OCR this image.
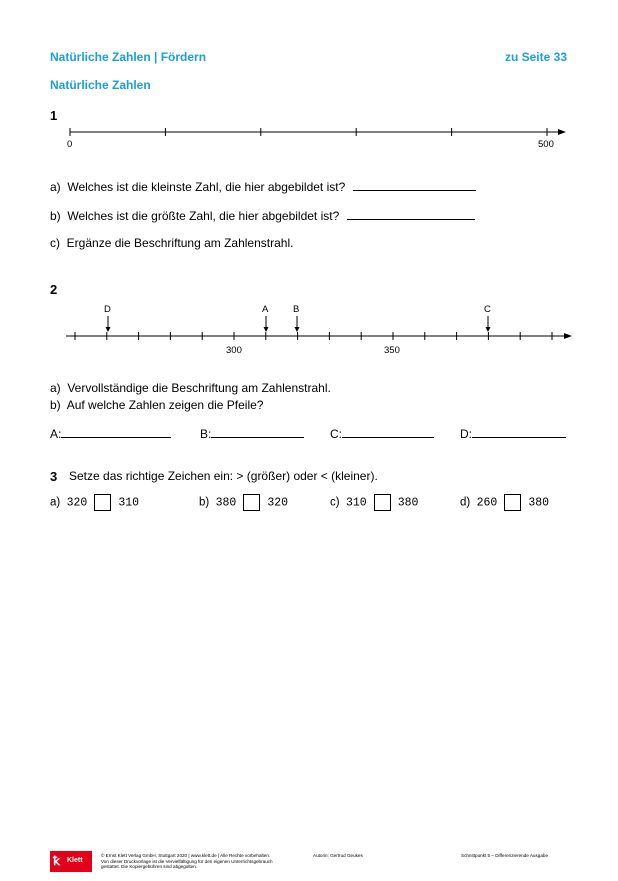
Natürliche Zahlen | Fördern	zu Seite 33
Natürliche Zahlen
1
0	500
a) Welches ist die kleinste Zahl, die hier abgebildet ist?
b) Welches ist die größte Zahl, die hier abgebildet ist?
c) Ergänze die Beschriftung am Zahlenstrahl.
2
D	A	B	C
300	350
a) Vervollständige die Beschriftung am Zahlenstrahl.
b) Auf welche Zahlen zeigen die Pfeile?
A:	B:	C:	D:
3 Setze das richtige Zeichen ein: > (größer) oder < (kleiner).
a) 320	310	b) 380	320	c) 310	380	d) 260	380
ꝁ Klett
© Ernst Klett Verlag GmbH, Stuttgart 2020 | www.klett.de | Alle Rechte vorbehalten.
Von dieser Druckvorlage ist die Vervielfältigung für den eigenen Unterrichtsgebrauch
gestattet. Die Kopiergebühren sind abgegolten.
Autorin: Gertrud Geukes	Schnittpunkt 5 – Differenzierende Ausgabe
